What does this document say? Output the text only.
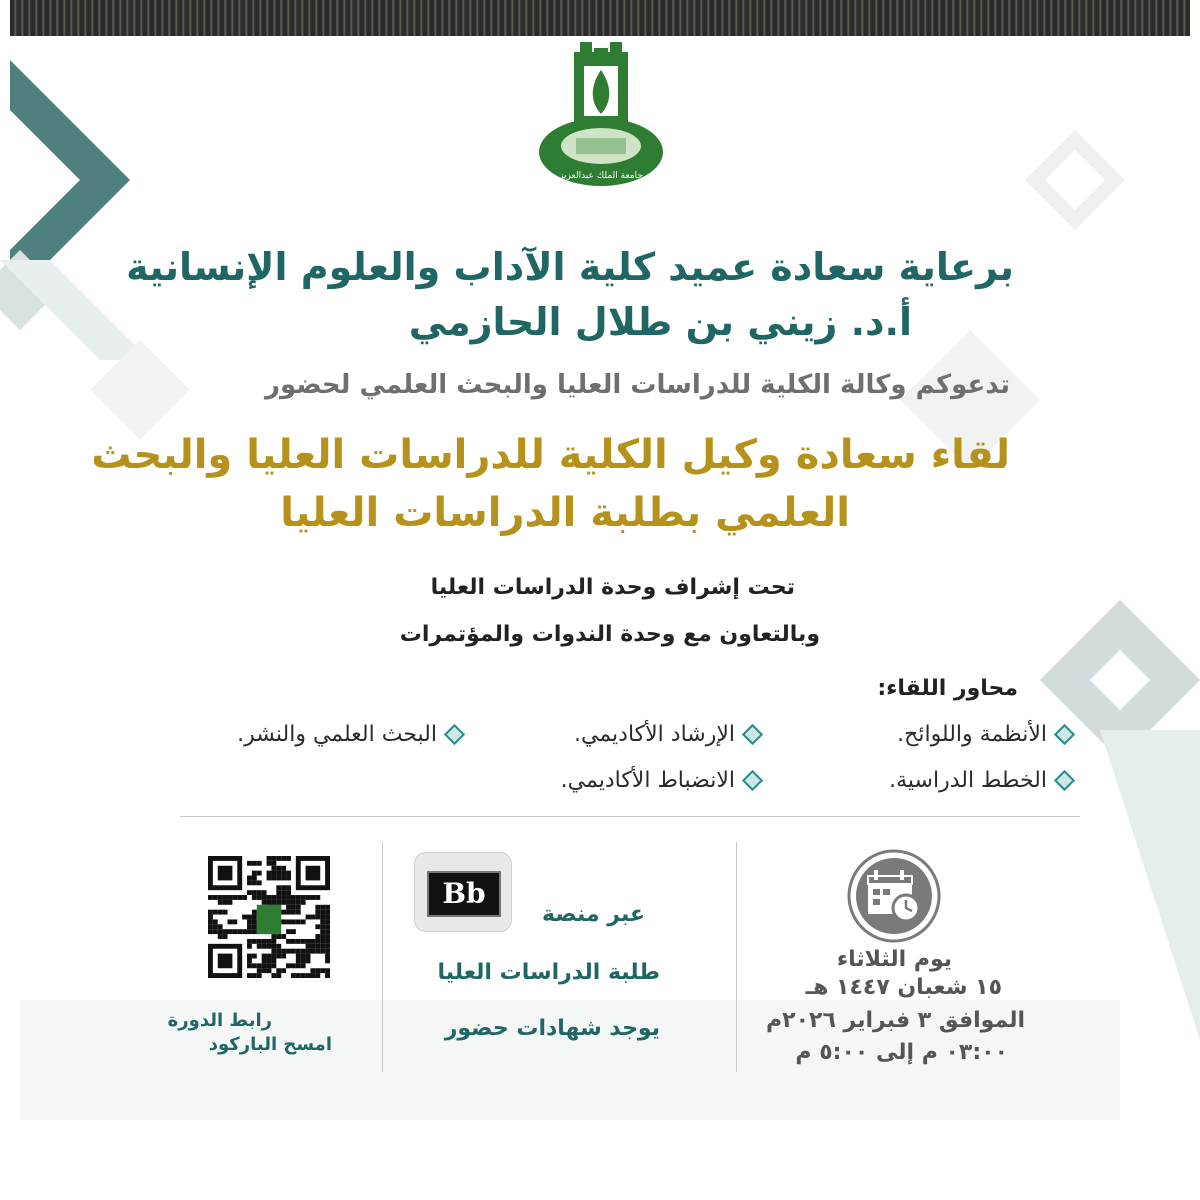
جامعة الملك عبدالعزيز
برعاية سعادة عميد كلية الآداب والعلوم الإنسانية
أ.د. زيني بن طلال الحازمي
تدعوكم وكالة الكلية للدراسات العليا والبحث العلمي لحضور
لقاء سعادة وكيل الكلية للدراسات العليا والبحث
العلمي بطلبة الدراسات العليا
تحت إشراف وحدة الدراسات العليا
وبالتعاون مع وحدة الندوات والمؤتمرات
محاور اللقاء:
الأنظمة واللوائح.
الإرشاد الأكاديمي.
البحث العلمي والنشر.
الخطط الدراسية.
الانضباط الأكاديمي.
يوم الثلاثاء
١٥ شعبان ١٤٤٧ هـ
الموافق ٣ فبراير ٢٠٢٦م
٠٣:٠٠ م إلى ٥:٠٠ م
Bb
عبر منصة
طلبة الدراسات العليا
يوجد شهادات حضور
رابط الدورة
امسح الباركود
